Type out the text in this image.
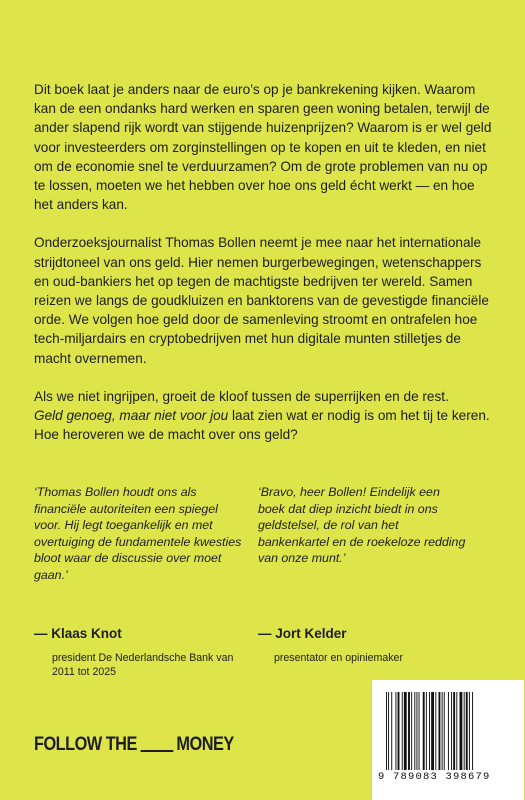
Dit boek laat je anders naar de euro’s op je bankrekening kijken. Waarom kan de een ondanks hard werken en sparen geen woning betalen, terwijl de ander slapend rijk wordt van stijgende huizenprijzen? Waarom is er wel geld voor investeerders om zorginstellingen op te kopen en uit te kleden, en niet om de economie snel te verduurzamen? Om de grote problemen van nu op te lossen, moeten we het hebben over hoe ons geld écht werkt — en hoe het anders kan.

Onderzoeksjournalist Thomas Bollen neemt je mee naar het internationale strijdtoneel van ons geld. Hier nemen burgerbewegingen, wetenschappers en oud-bankiers het op tegen de machtigste bedrijven ter wereld. Samen reizen we langs de goudkluizen en banktorens van de gevestigde financiële orde. We volgen hoe geld door de samenleving stroomt en ontrafelen hoe tech-miljardairs en cryptobedrijven met hun digitale munten stilletjes de macht overnemen.

Als we niet ingrijpen, groeit de kloof tussen de superrijken en de rest.
Geld genoeg, maar niet voor jou laat zien wat er nodig is om het tij te keren. Hoe heroveren we de macht over ons geld?

‘Thomas Bollen houdt ons als financiële autoriteiten een spiegel voor. Hij legt toegankelijk en met overtuiging de fundamentele kwesties bloot waar de discussie over moet gaan.’
‘Bravo, heer Bollen! Eindelijk een boek dat diep inzicht biedt in ons geldstelsel, de rol van het bankenkartel en de roekeloze redding van onze munt.’
— Klaas Knot	— Jort Kelder
president De Nederlandsche Bank van 2011 tot 2025
presentator en opiniemaker
FOLLOW THE MONEY
9 789083 398679
